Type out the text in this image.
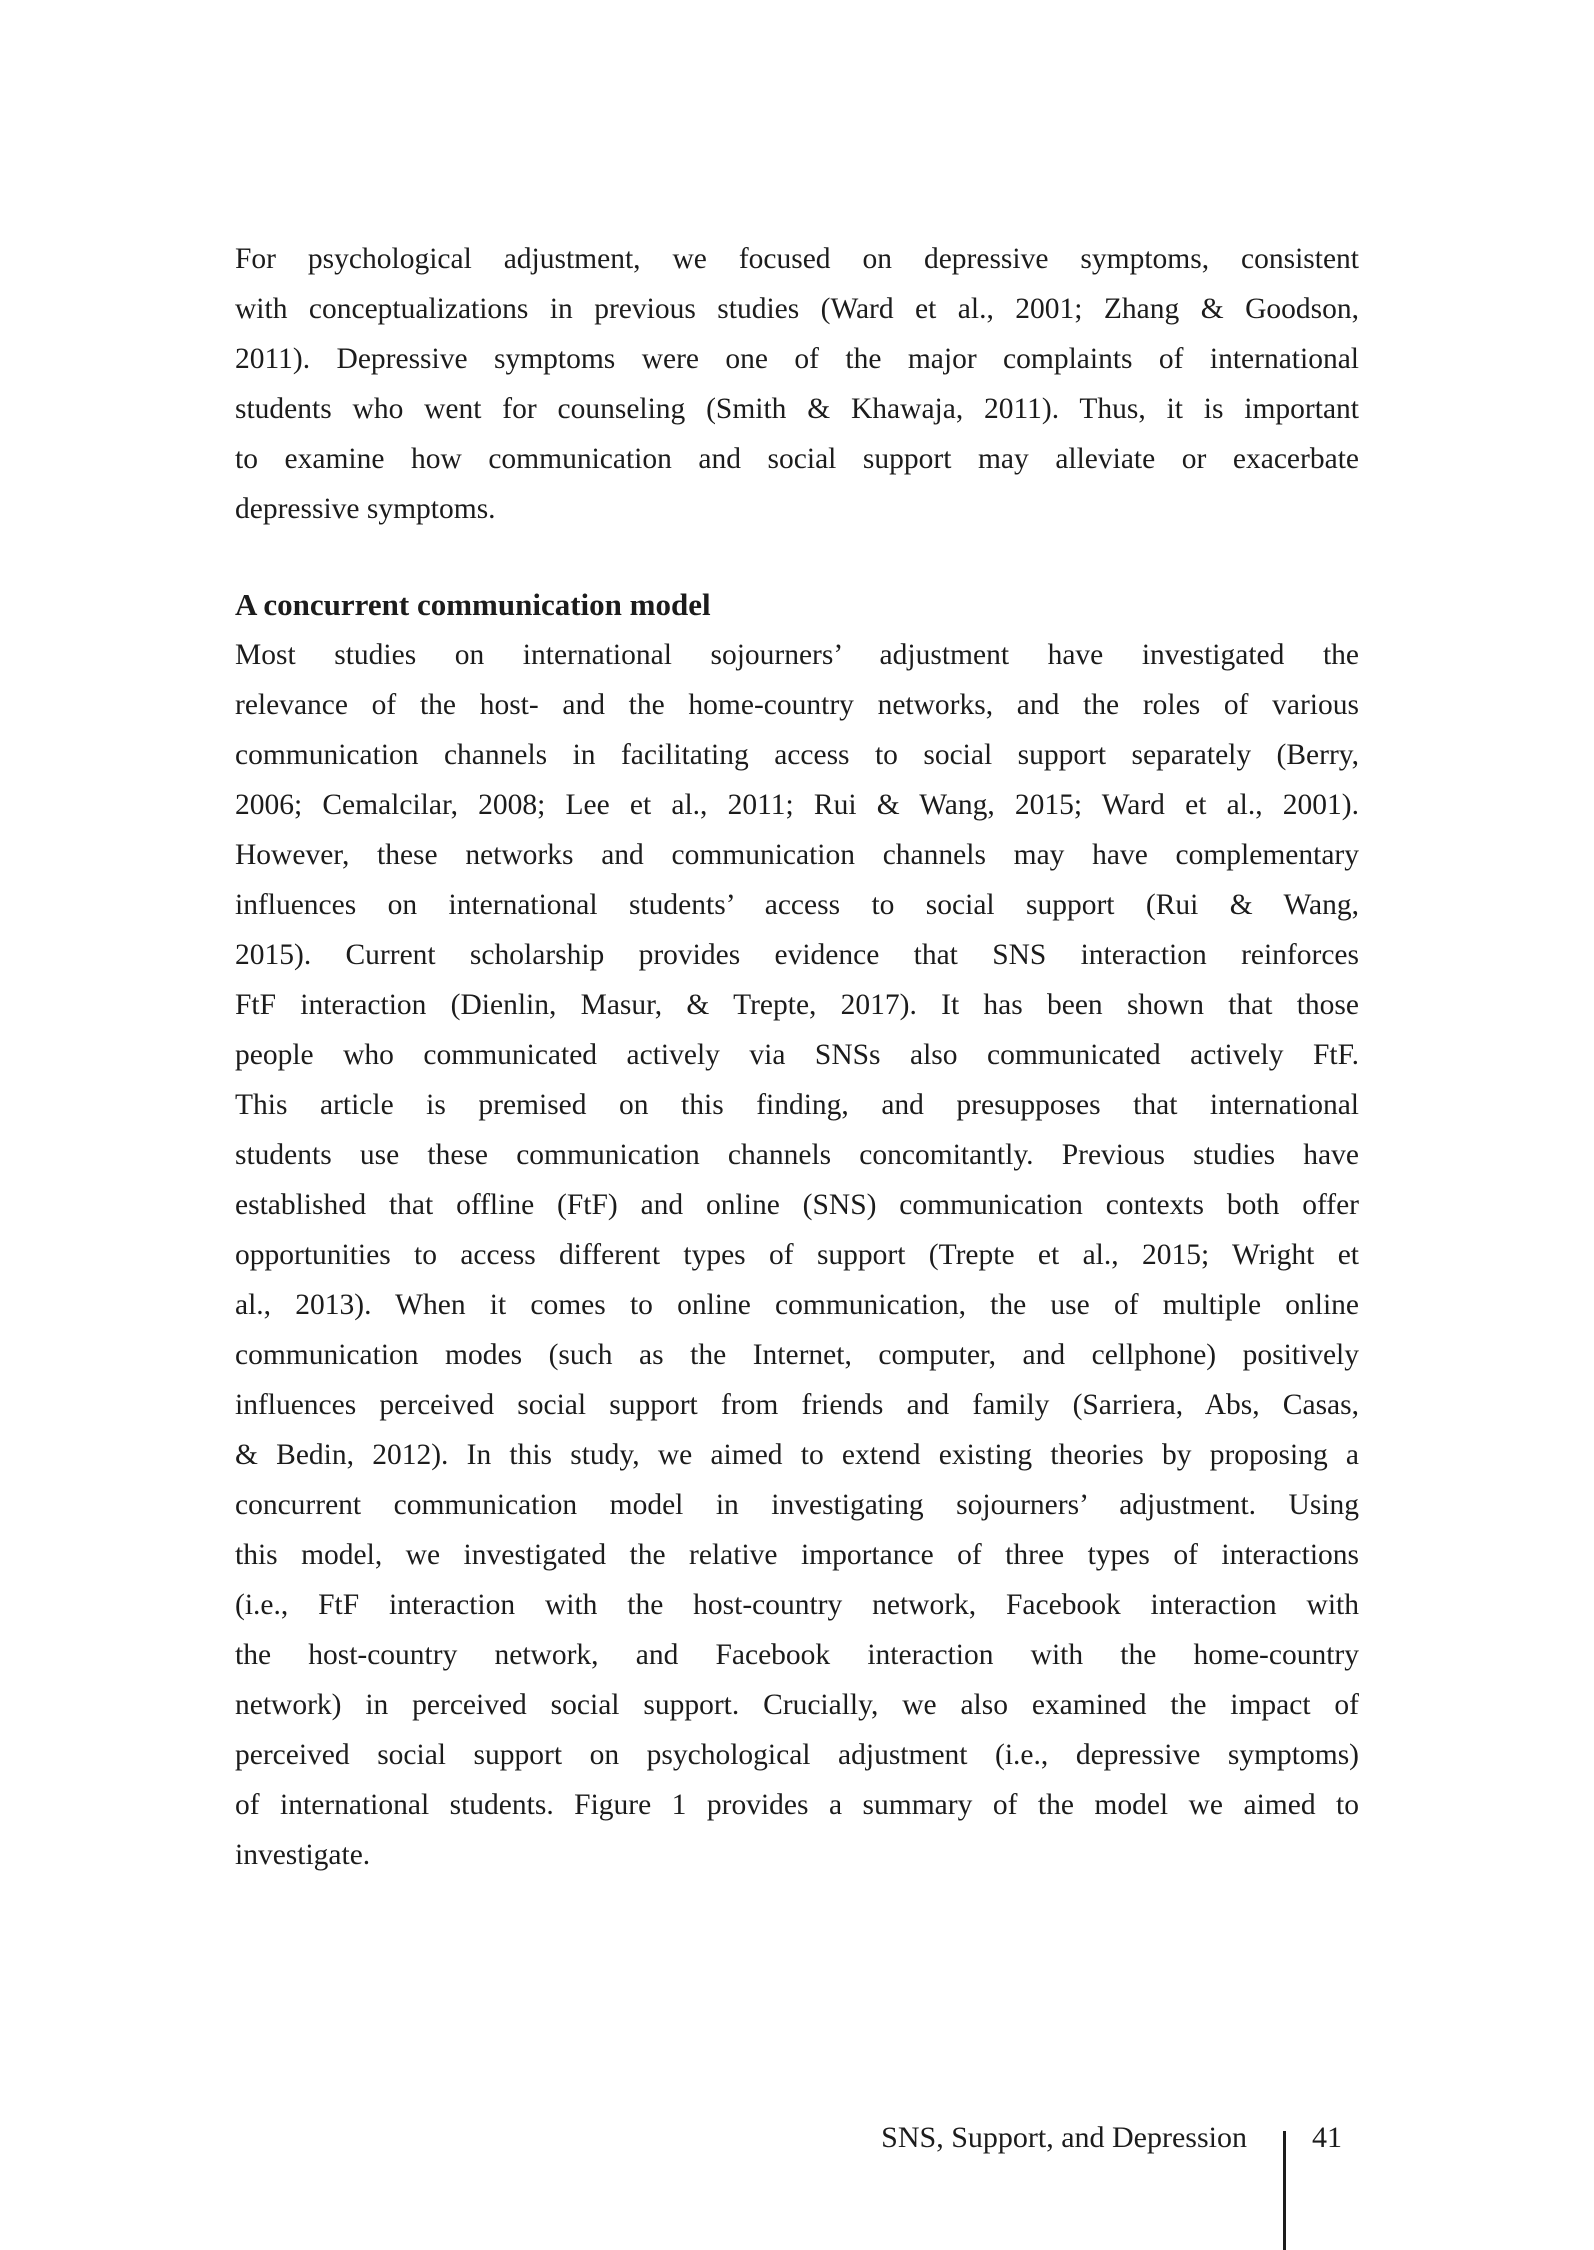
For psychological adjustment, we focused on depressive symptoms, consistent
with conceptualizations in previous studies (Ward et al., 2001; Zhang & Goodson,
2011). Depressive symptoms were one of the major complaints of international
students who went for counseling (Smith & Khawaja, 2011). Thus, it is important
to examine how communication and social support may alleviate or exacerbate
depressive symptoms.
A concurrent communication model
Most studies on international sojourners’ adjustment have investigated the
relevance of the host- and the home-country networks, and the roles of various
communication channels in facilitating access to social support separately (Berry,
2006; Cemalcilar, 2008; Lee et al., 2011; Rui & Wang, 2015; Ward et al., 2001).
However, these networks and communication channels may have complementary
influences on international students’ access to social support (Rui & Wang,
2015). Current scholarship provides evidence that SNS interaction reinforces
FtF interaction (Dienlin, Masur, & Trepte, 2017). It has been shown that those
people who communicated actively via SNSs also communicated actively FtF.
This article is premised on this finding, and presupposes that international
students use these communication channels concomitantly. Previous studies have
established that offline (FtF) and online (SNS) communication contexts both offer
opportunities to access different types of support (Trepte et al., 2015; Wright et
al., 2013). When it comes to online communication, the use of multiple online
communication modes (such as the Internet, computer, and cellphone) positively
influences perceived social support from friends and family (Sarriera, Abs, Casas,
& Bedin, 2012). In this study, we aimed to extend existing theories by proposing a
concurrent communication model in investigating sojourners’ adjustment. Using
this model, we investigated the relative importance of three types of interactions
(i.e., FtF interaction with the host-country network, Facebook interaction with
the host-country network, and Facebook interaction with the home-country
network) in perceived social support. Crucially, we also examined the impact of
perceived social support on psychological adjustment (i.e., depressive symptoms)
of international students. Figure 1 provides a summary of the model we aimed to
investigate.
SNS, Support, and Depression 41
